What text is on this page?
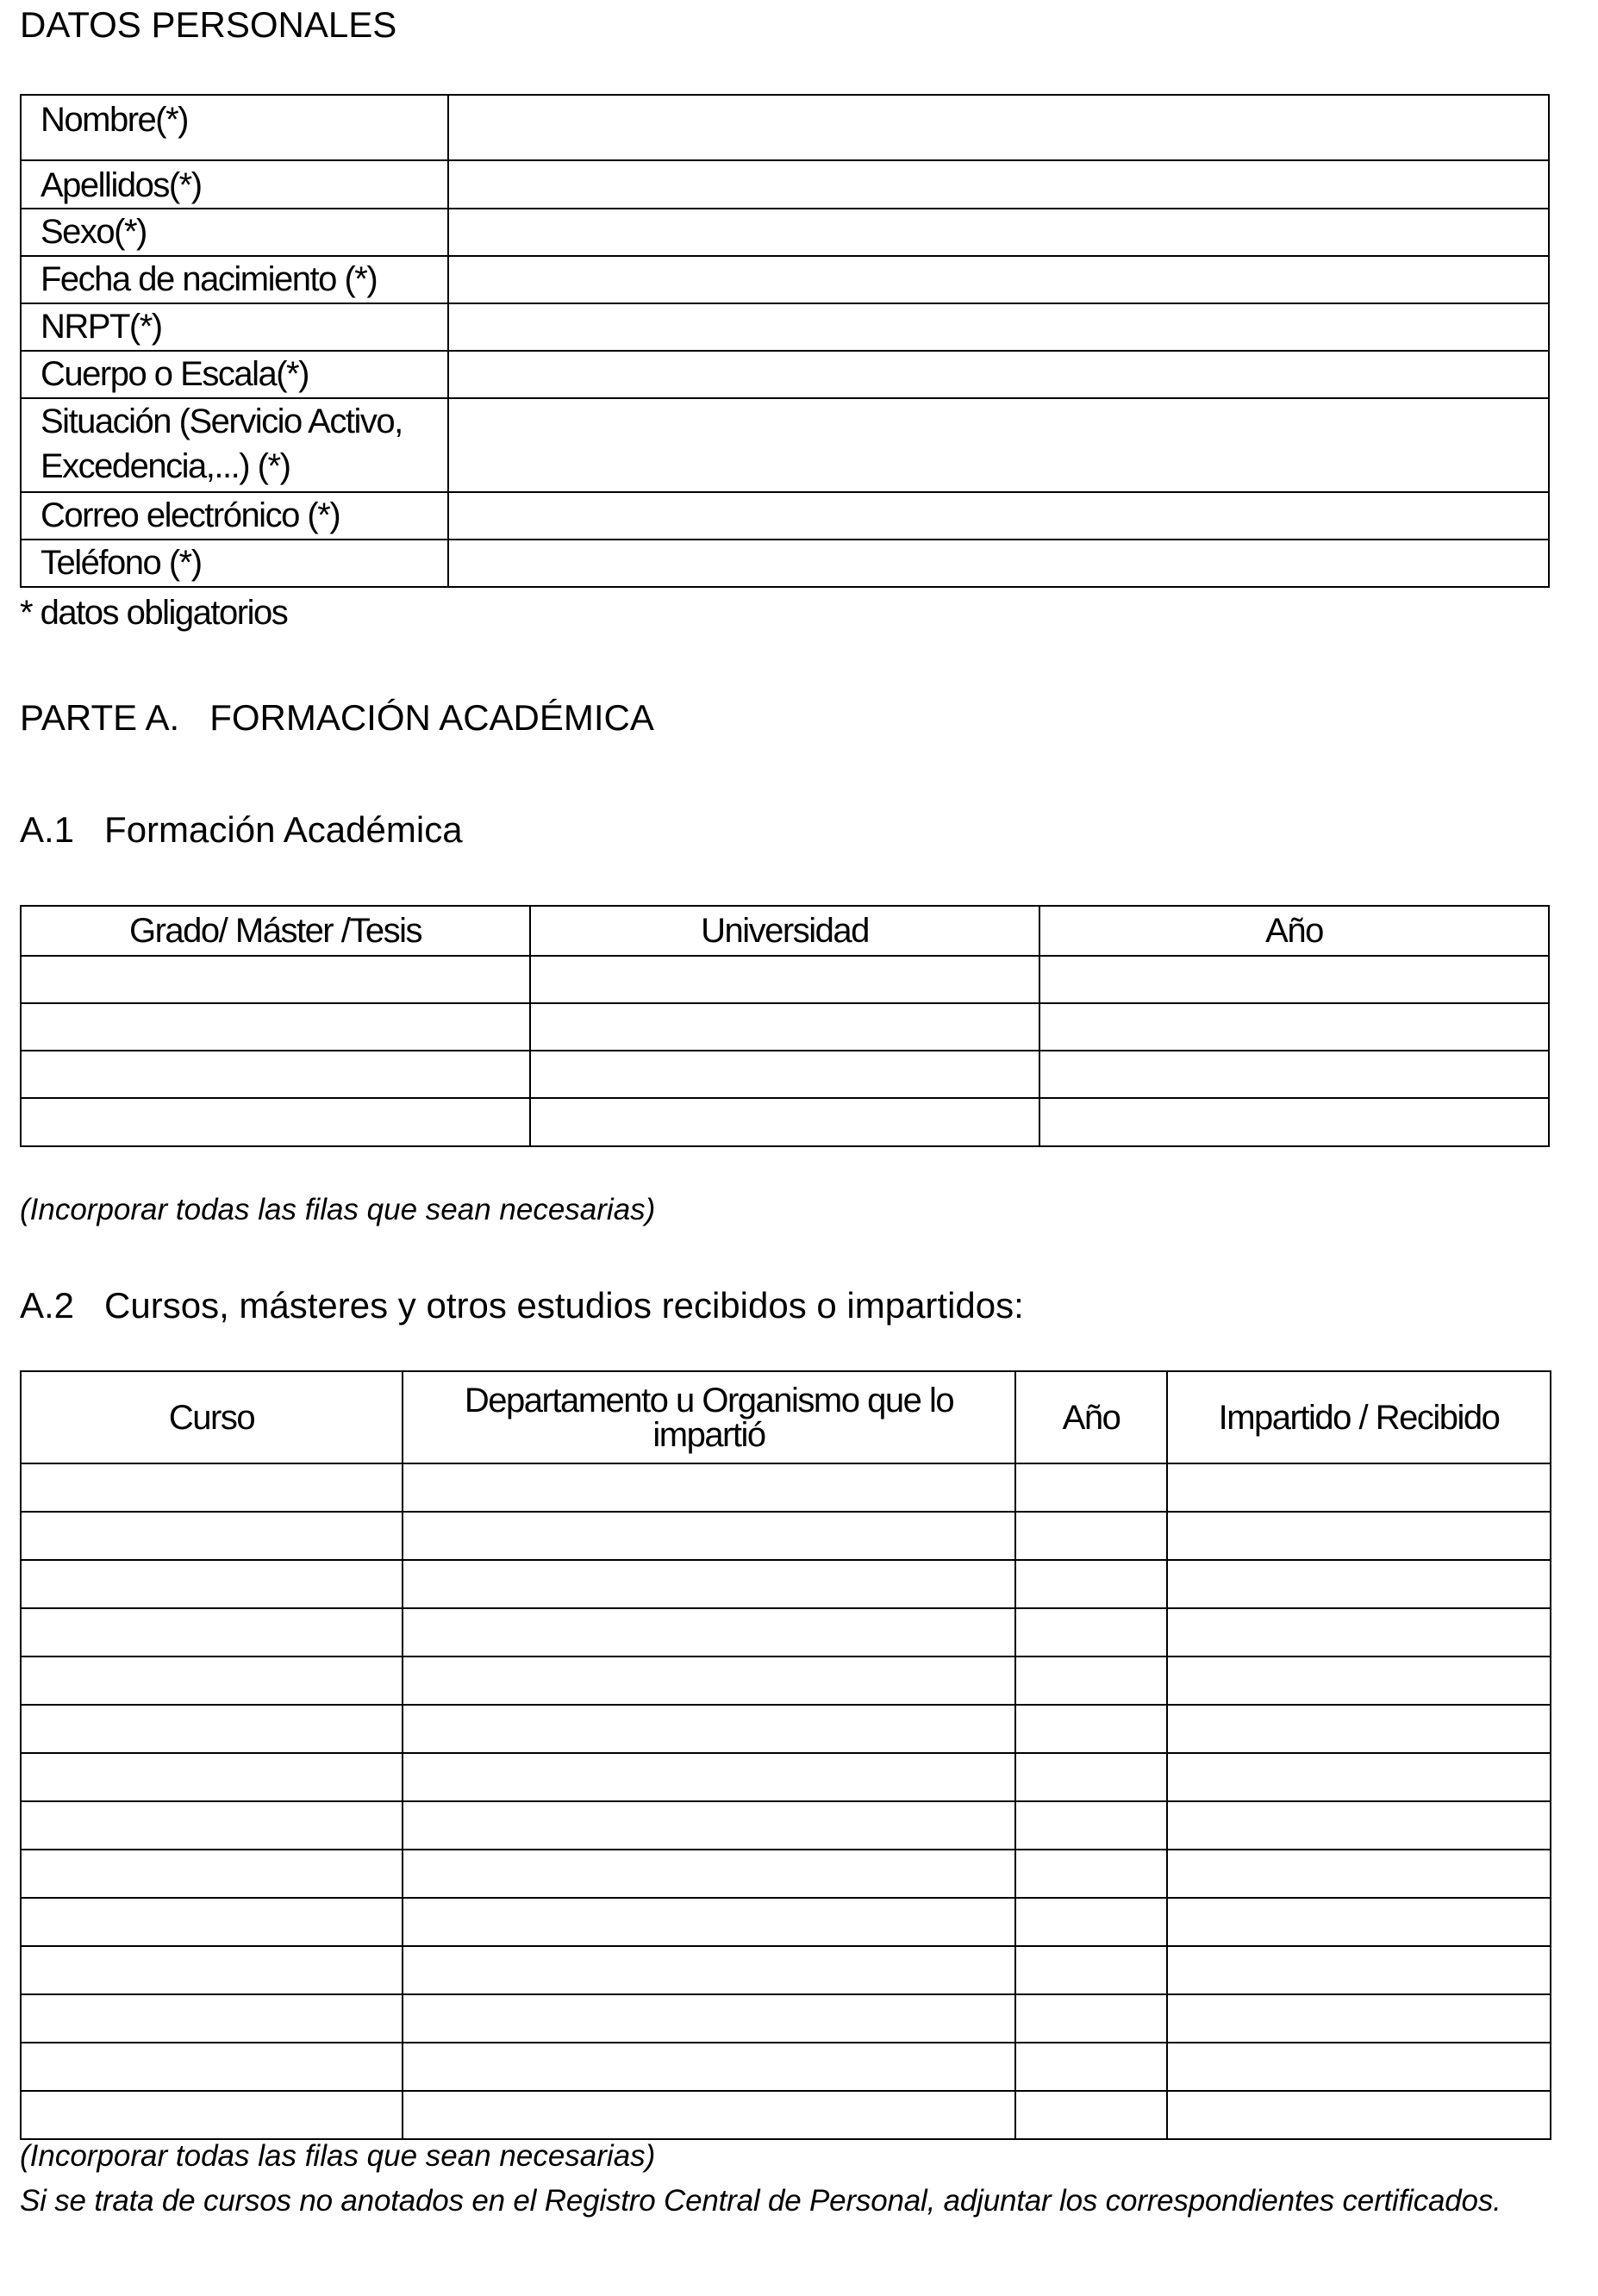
DATOS PERSONALES
Nombre(*)	

Apellidos(*)	

Sexo(*)	

Fecha de nacimiento (*)	

NRPT(*)	

Cuerpo o Escala(*)	

Situación (Servicio Activo, Excedencia,...) (*)	

Correo electrónico (*)	

Teléfono (*)	

* datos obligatorios
PARTE A.   FORMACIÓN ACADÉMICA
A.1   Formación Académica
Grado/ Máster /Tesis	Universidad	Año

(Incorporar todas las filas que sean necesarias)
A.2   Cursos, másteres y otros estudios recibidos o impartidos:
Curso	Departamento u Organismo que lo impartió	Año	Impartido / Recibido

(Incorporar todas las filas que sean necesarias)
Si se trata de cursos no anotados en el Registro Central de Personal, adjuntar los correspondientes certificados.
